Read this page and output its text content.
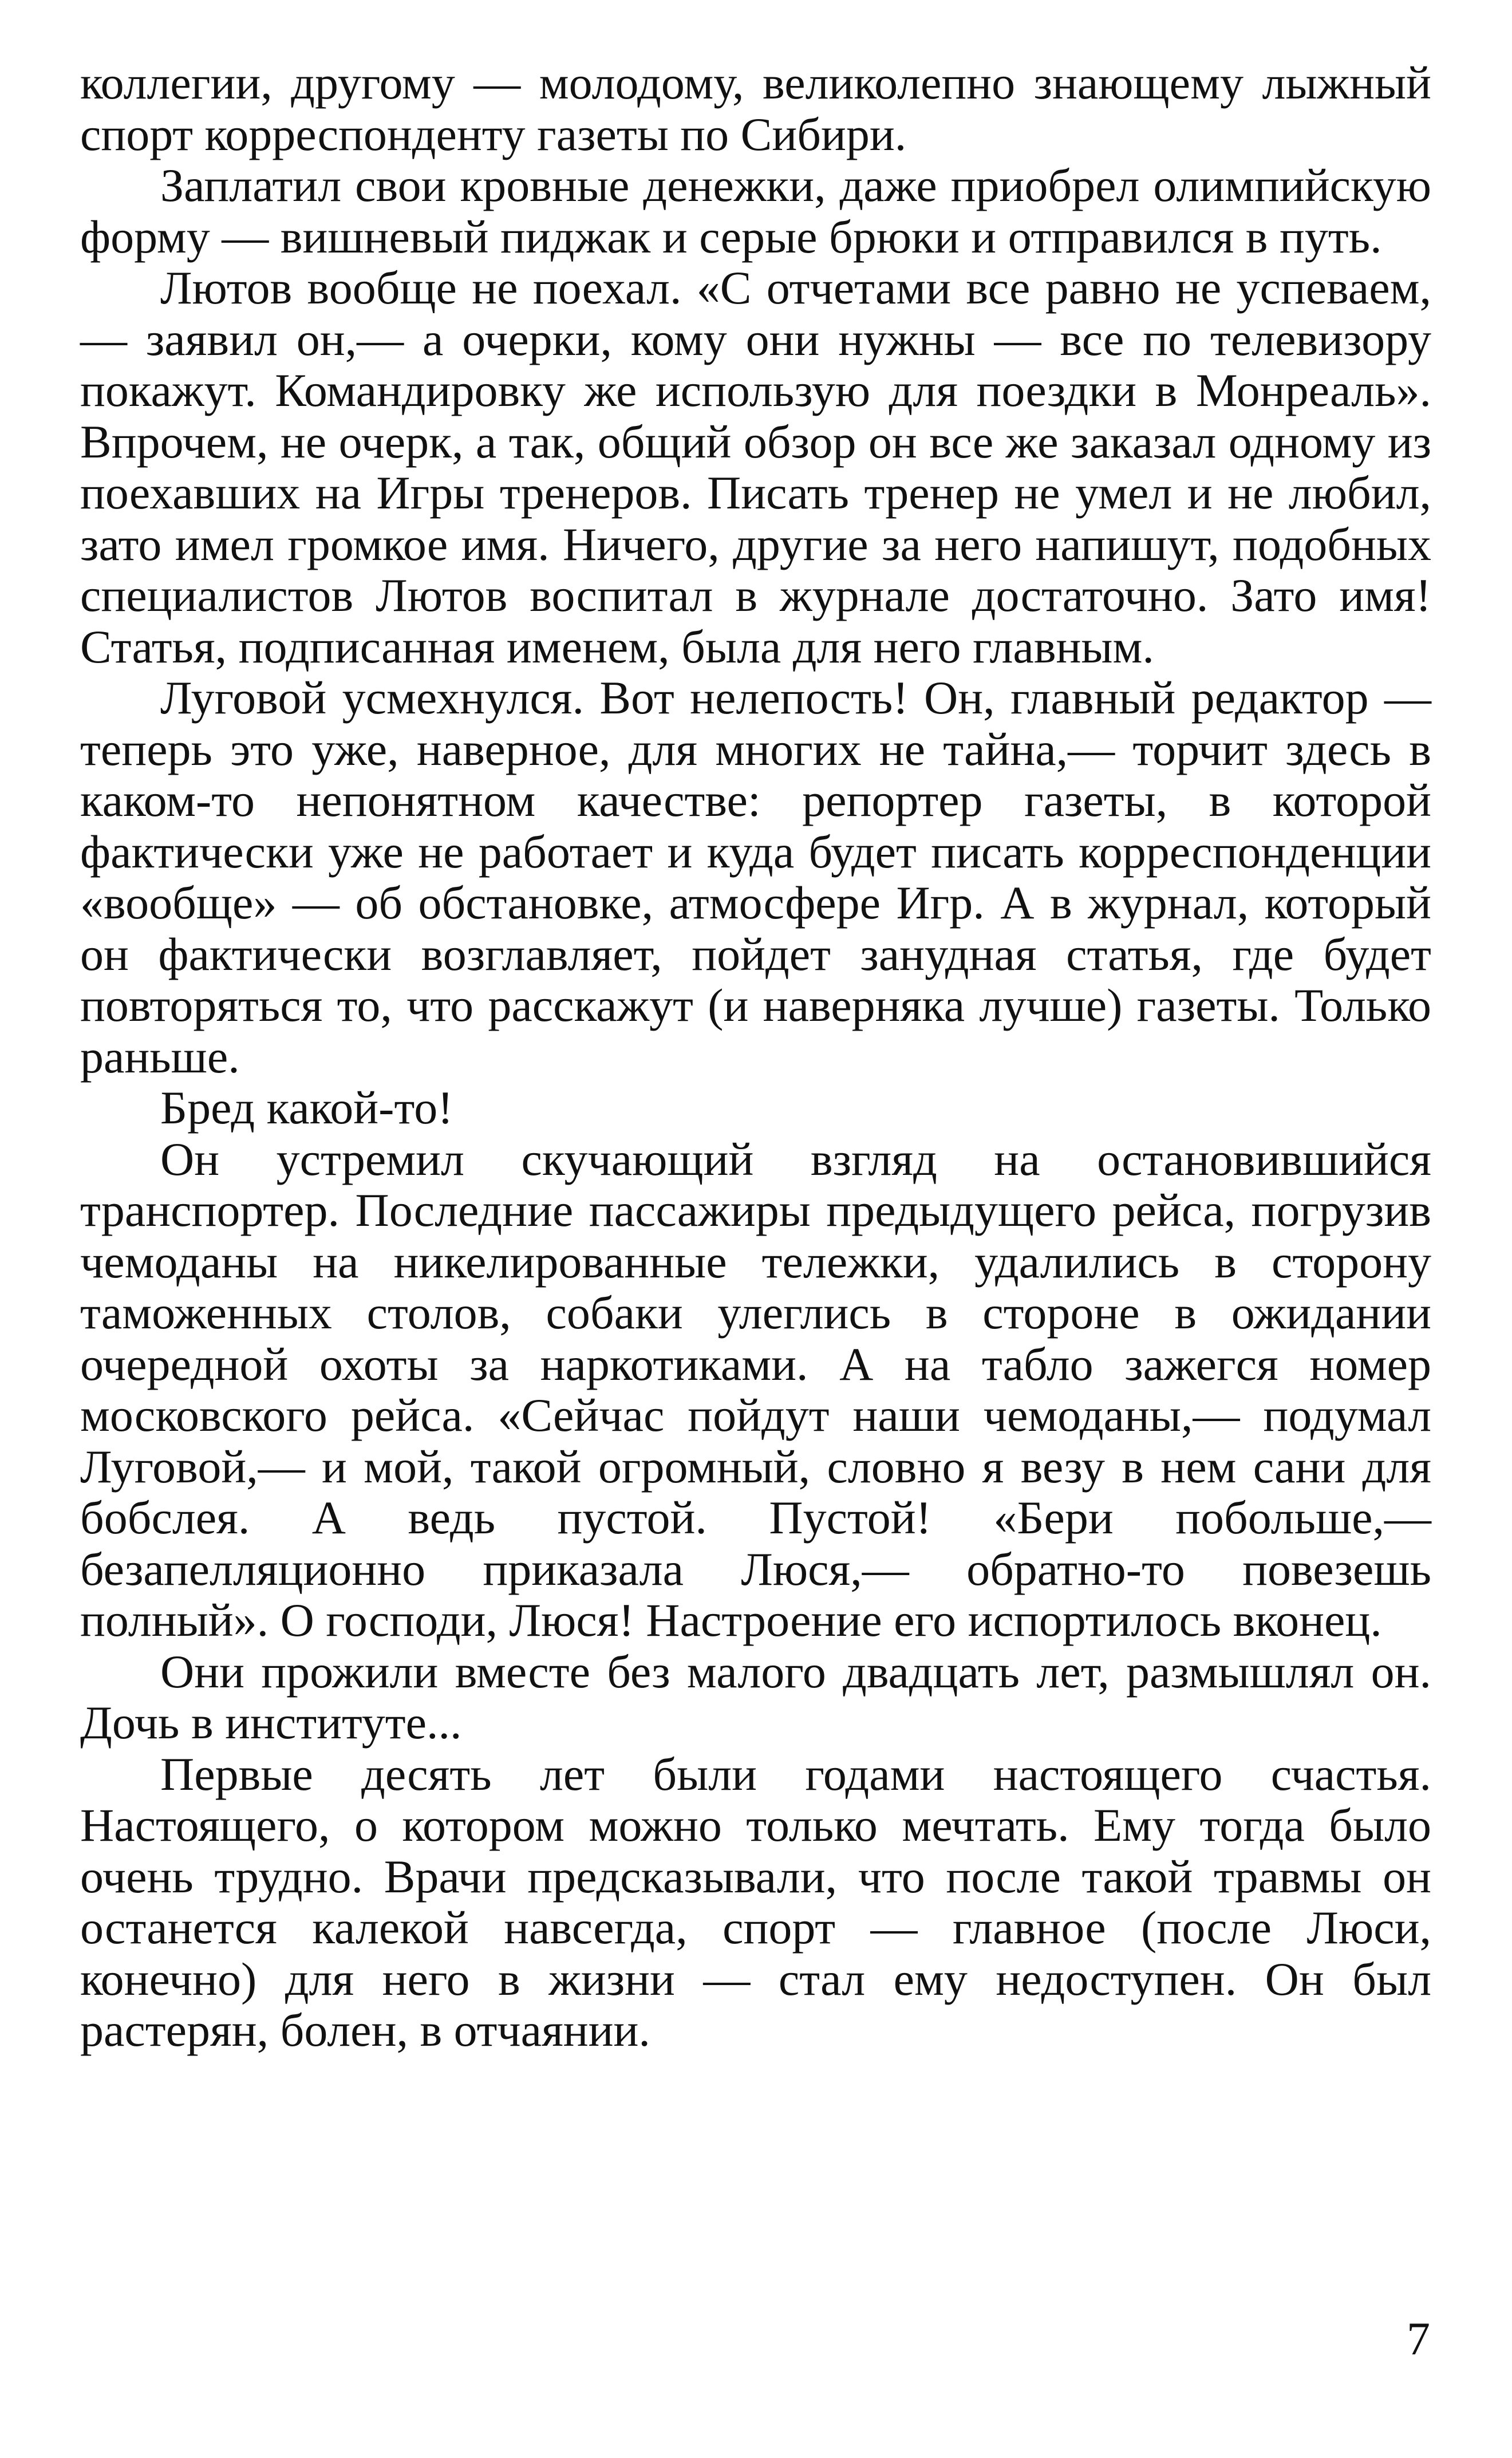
коллегии, другому — молодому, великолепно знающему лыжный спорт корреспонденту газеты по Сибири.

Заплатил свои кровные денежки, даже приобрел олимпийскую форму — вишневый пиджак и серые брюки и отправился в путь.

Лютов вообще не поехал. «С отчетами все равно не успеваем,— заявил он,— а очерки, кому они нужны — все по телевизору покажут. Командировку же использую для поездки в Монреаль». Впрочем, не очерк, а так, общий обзор он все же заказал одному из поехавших на Игры тренеров. Писать тренер не умел и не любил, зато имел громкое имя. Ничего, другие за него напишут, подобных специалистов Лютов воспитал в журнале достаточно. Зато имя! Статья, подписанная именем, была для него главным.

Луговой усмехнулся. Вот нелепость! Он, главный редактор — теперь это уже, наверное, для многих не тайна,— торчит здесь в каком-то непонятном качестве: репортер газеты, в которой фактически уже не работает и куда будет писать корреспонденции «вообще» — об обстановке, атмосфере Игр. А в журнал, который он фактически возглавляет, пойдет занудная статья, где будет повторяться то, что расскажут (и наверняка лучше) газеты. Только раньше.

Бред какой-то!

Он устремил скучающий взгляд на остановившийся транспортер. Последние пассажиры предыдущего рейса, погрузив чемоданы на никелированные тележки, удалились в сторону таможенных столов, собаки улеглись в стороне в ожидании очередной охоты за наркотиками. А на табло зажегся номер московского рейса. «Сейчас пойдут наши чемоданы,— подумал Луговой,— и мой, такой огромный, словно я везу в нем сани для бобслея. А ведь пустой. Пустой! «Бери побольше,— безапелляционно приказала Люся,— обратно-то повезешь полный». О господи, Люся! Настроение его испортилось вконец.

Они прожили вместе без малого двадцать лет, размышлял он. Дочь в институте...

Первые десять лет были годами настоящего счастья. Настоящего, о котором можно только мечтать. Ему тогда было очень трудно. Врачи предсказывали, что после такой травмы он останется калекой навсегда, спорт — главное (после Люси, конечно) для него в жизни — стал ему недоступен. Он был растерян, болен, в отчаянии.

7
